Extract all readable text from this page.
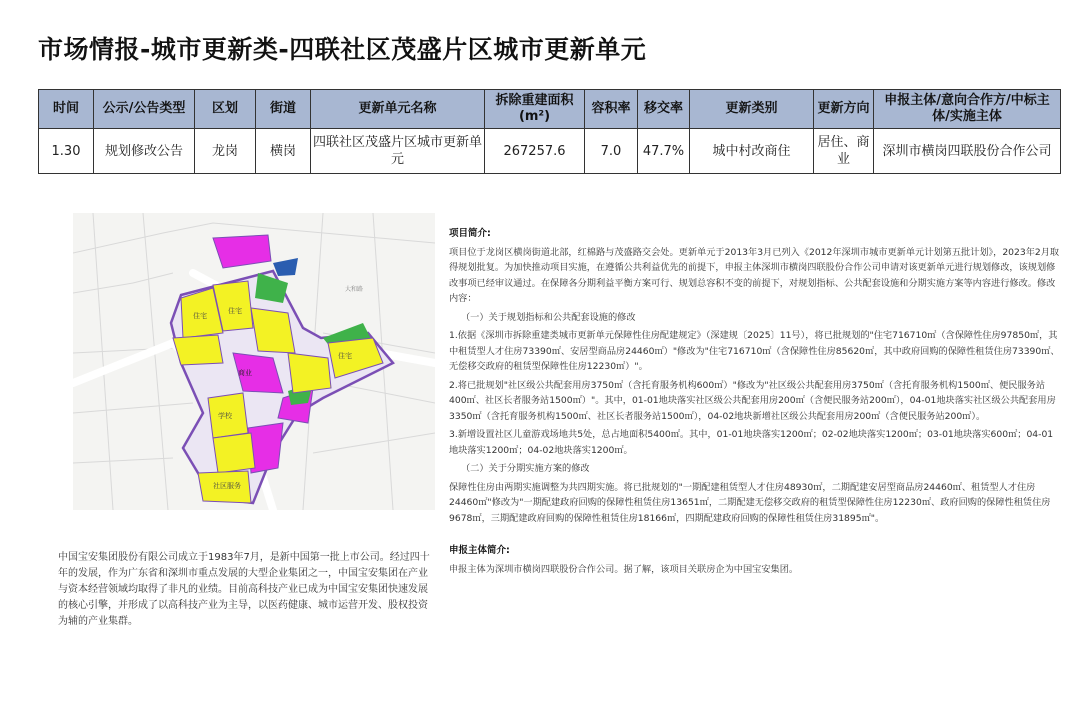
市场情报-城市更新类-四联社区茂盛片区城市更新单元
时间	公示/公告类型	区划	街道	更新单元名称	拆除重建面积(m²)	容积率	移交率	更新类别	更新方向	申报主体/意向合作方/中标主体/实施主体
1.30	规划修改公告	龙岗	横岗	四联社区茂盛片区城市更新单元	267257.6	7.0	47.7%	城中村改商住	居住、商业	深圳市横岗四联股份合作公司
大和路
住宅
住宅
商业
学校
社区服务
住宅
中国宝安集团股份有限公司成立于1983年7月，是新中国第一批上市公司。经过四十年的发展，作为广东省和深圳市重点发展的大型企业集团之一，中国宝安集团在产业与资本经营领域均取得了非凡的业绩。目前高科技产业已成为中国宝安集团快速发展的核心引擎，并形成了以高科技产业为主导，以医药健康、城市运营开发、股权投资为辅的产业集群。

项目简介:

项目位于龙岗区横岗街道北部，红棉路与茂盛路交会处。更新单元于2013年3月已列入《2012年深圳市城市更新单元计划第五批计划》，2023年2月取得规划批复。为加快推动项目实施，在遵循公共利益优先的前提下，申报主体深圳市横岗四联股份合作公司申请对该更新单元进行规划修改，该规划修改事项已经审议通过。在保障各分期利益平衡方案可行、规划总容积不变的前提下，对规划指标、公共配套设施和分期实施方案等内容进行修改。修改内容：

（一）关于规划指标和公共配套设施的修改

1.依据《深圳市拆除重建类城市更新单元保障性住房配建规定》（深建规〔2025〕11号），将已批规划的"住宅716710㎡（含保障性住房97850㎡，其中租赁型人才住房73390㎡、安居型商品房24460㎡）"修改为"住宅716710㎡（含保障性住房85620㎡，其中政府回购的保障性租赁住房73390㎡、无偿移交政府的租赁型保障性住房12230㎡）"。

2.将已批规划"社区级公共配套用房3750㎡（含托育服务机构600㎡）"修改为"社区级公共配套用房3750㎡（含托育服务机构1500㎡、便民服务站400㎡、社区长者服务站1500㎡）"。其中，01-01地块落实社区级公共配套用房200㎡（含便民服务站200㎡），04-01地块落实社区级公共配套用房3350㎡（含托育服务机构1500㎡、社区长者服务站1500㎡），04-02地块新增社区级公共配套用房200㎡（含便民服务站200㎡）。

3.新增设置社区儿童游戏场地共5处，总占地面积5400㎡。其中，01-01地块落实1200㎡；02-02地块落实1200㎡；03-01地块落实600㎡；04-01地块落实1200㎡；04-02地块落实1200㎡。

（二）关于分期实施方案的修改

保障性住房由两期实施调整为共四期实施。将已批规划的"一期配建租赁型人才住房48930㎡，二期配建安居型商品房24460㎡、租赁型人才住房24460㎡"修改为"一期配建政府回购的保障性租赁住房13651㎡，二期配建无偿移交政府的租赁型保障性住房12230㎡、政府回购的保障性租赁住房9678㎡，三期配建政府回购的保障性租赁住房18166㎡，四期配建政府回购的保障性租赁住房31895㎡"。

申报主体简介:

申报主体为深圳市横岗四联股份合作公司。据了解，该项目关联房企为中国宝安集团。
